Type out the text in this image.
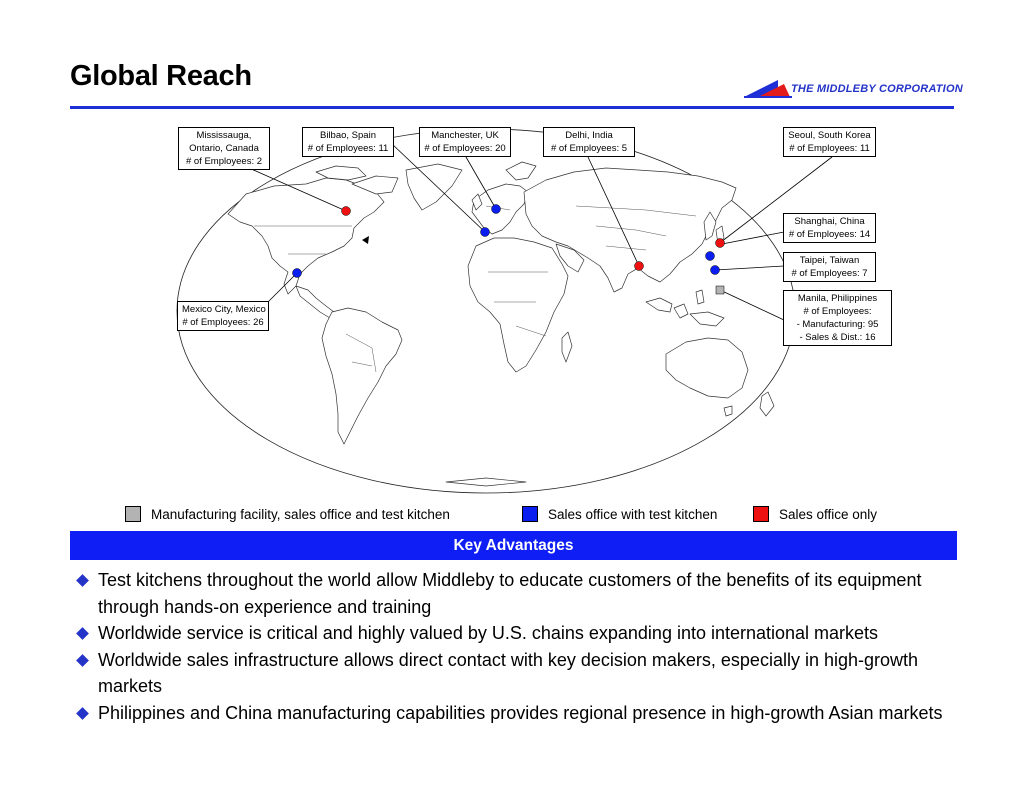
Global Reach	THE MIDDLEBY CORPORATION
Mississauga,
Ontario, Canada
# of Employees: 2
Bilbao, Spain
# of Employees: 11
Manchester, UK
# of Employees: 20
Delhi, India
# of Employees: 5
Seoul, South Korea
# of Employees: 11
Shanghai, China
# of Employees: 14
Taipei, Taiwan
# of Employees: 7
Manila, Philippines
# of Employees:
- Manufacturing: 95
- Sales & Dist.: 16
Mexico City, Mexico
# of Employees: 26
Manufacturing facility, sales office and test kitchen	Sales office with test kitchen	Sales office only
Key Advantages
Test kitchens throughout the world allow Middleby to educate customers of the benefits of its equipment through hands-on experience and training
Worldwide service is critical and highly valued by U.S. chains expanding into international markets
Worldwide sales infrastructure allows direct contact with key decision makers, especially in high-growth markets
Philippines and China manufacturing capabilities provides regional presence in high-growth Asian markets
